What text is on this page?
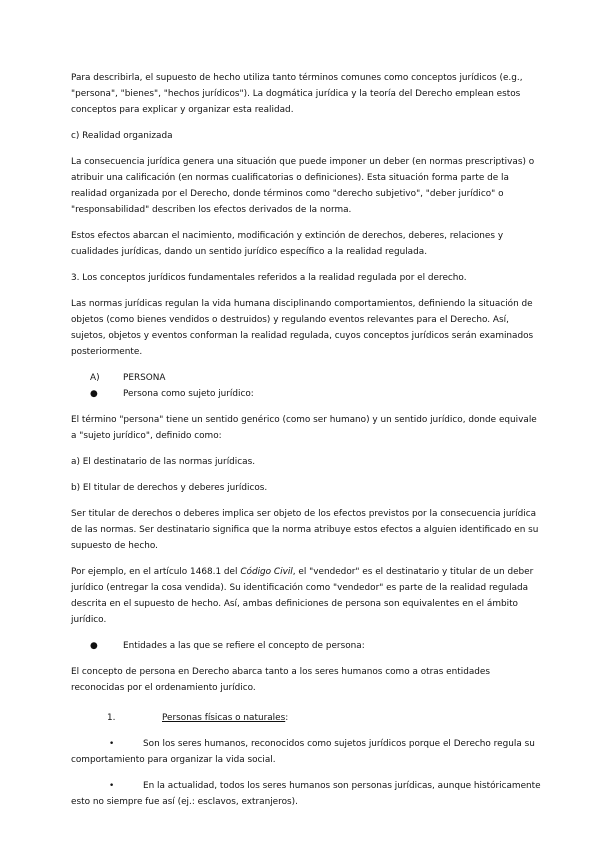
Para describirla, el supuesto de hecho utiliza tanto términos comunes como conceptos jurídicos (e.g., "persona", "bienes", "hechos jurídicos"). La dogmática jurídica y la teoría del Derecho emplean estos conceptos para explicar y organizar esta realidad.

c) Realidad organizada

La consecuencia jurídica genera una situación que puede imponer un deber (en normas prescriptivas) o atribuir una calificación (en normas cualificatorias o definiciones). Esta situación forma parte de la realidad organizada por el Derecho, donde términos como "derecho subjetivo", "deber jurídico" o "responsabilidad" describen los efectos derivados de la norma.

Estos efectos abarcan el nacimiento, modificación y extinción de derechos, deberes, relaciones y cualidades jurídicas, dando un sentido jurídico específico a la realidad regulada.

3. Los conceptos jurídicos fundamentales referidos a la realidad regulada por el derecho.

Las normas jurídicas regulan la vida humana disciplinando comportamientos, definiendo la situación de objetos (como bienes vendidos o destruidos) y regulando eventos relevantes para el Derecho. Así, sujetos, objetos y eventos conforman la realidad regulada, cuyos conceptos jurídicos serán examinados posteriormente.

A)	PERSONA
●	Persona como sujeto jurídico:

El término "persona" tiene un sentido genérico (como ser humano) y un sentido jurídico, donde equivale a "sujeto jurídico", definido como:

a) El destinatario de las normas jurídicas.

b) El titular de derechos y deberes jurídicos.

Ser titular de derechos o deberes implica ser objeto de los efectos previstos por la consecuencia jurídica de las normas. Ser destinatario significa que la norma atribuye estos efectos a alguien identificado en su supuesto de hecho.

Por ejemplo, en el artículo 1468.1 del Código Civil, el "vendedor" es el destinatario y titular de un deber jurídico (entregar la cosa vendida). Su identificación como "vendedor" es parte de la realidad regulada descrita en el supuesto de hecho. Así, ambas definiciones de persona son equivalentes en el ámbito jurídico.

●	Entidades a las que se refiere el concepto de persona:

El concepto de persona en Derecho abarca tanto a los seres humanos como a otras entidades reconocidas por el ordenamiento jurídico.

1.	Personas físicas o naturales:

•	Son los seres humanos, reconocidos como sujetos jurídicos porque el Derecho regula su comportamiento para organizar la vida social.

•	En la actualidad, todos los seres humanos son personas jurídicas, aunque históricamente esto no siempre fue así (ej.: esclavos, extranjeros).
